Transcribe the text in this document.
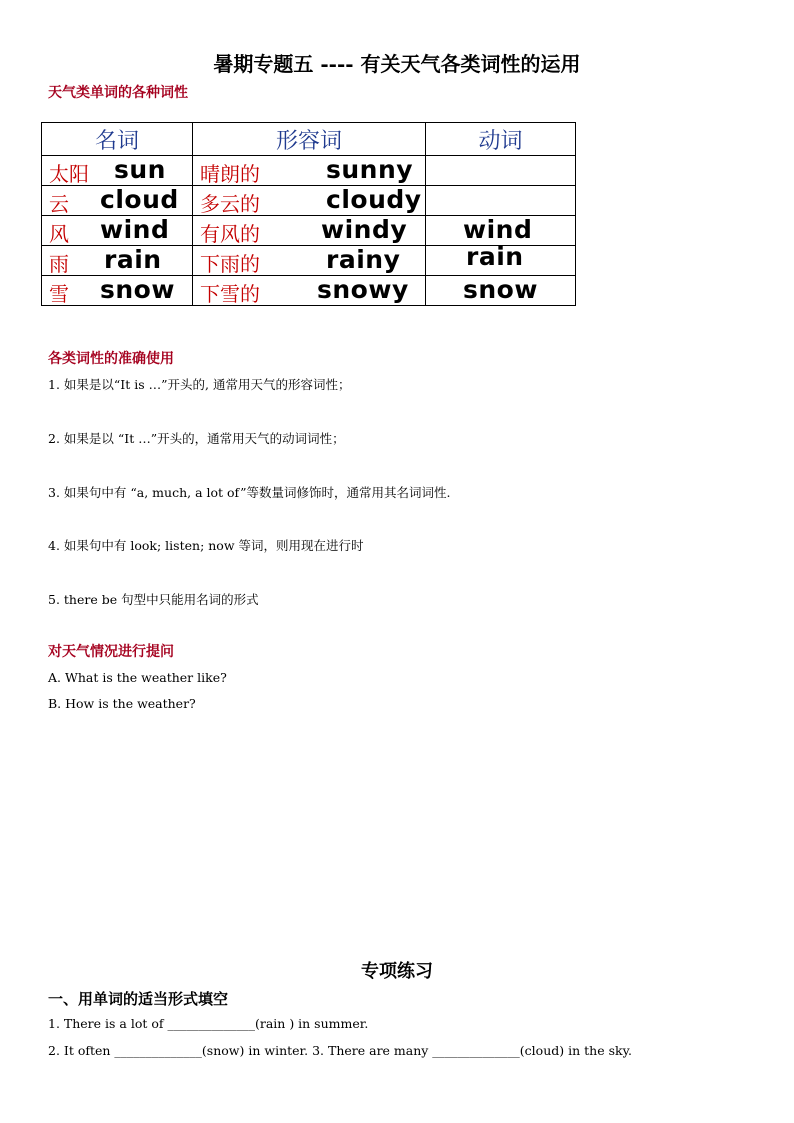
暑期专题五 ---- 有关天气各类词性的运用
天气类单词的各种词性
名词	形容词	动词

太阳 sun	晴朗的 sunny	

云 cloud	多云的 cloudy	

风 wind	有风的 windy	wind

雨 rain	下雨的 rainy	rain

雪 snow	下雪的 snowy	snow
各类词性的准确使用
1. 如果是以“It is …”开头的, 通常用天气的形容词性；
2. 如果是以 “It …”开头的，通常用天气的动词词性；
3. 如果句中有 “a, much, a lot of”等数量词修饰时，通常用其名词词性.
4. 如果句中有 look; listen; now 等词，则用现在进行时
5. there be 句型中只能用名词的形式
对天气情况进行提问
A. What is the weather like?
B. How is the weather?
专项练习
一、用单词的适当形式填空
1. There is a lot of ______________(rain ) in summer.
2. It often ______________(snow) in winter. 3. There are many ______________(cloud) in the sky.
